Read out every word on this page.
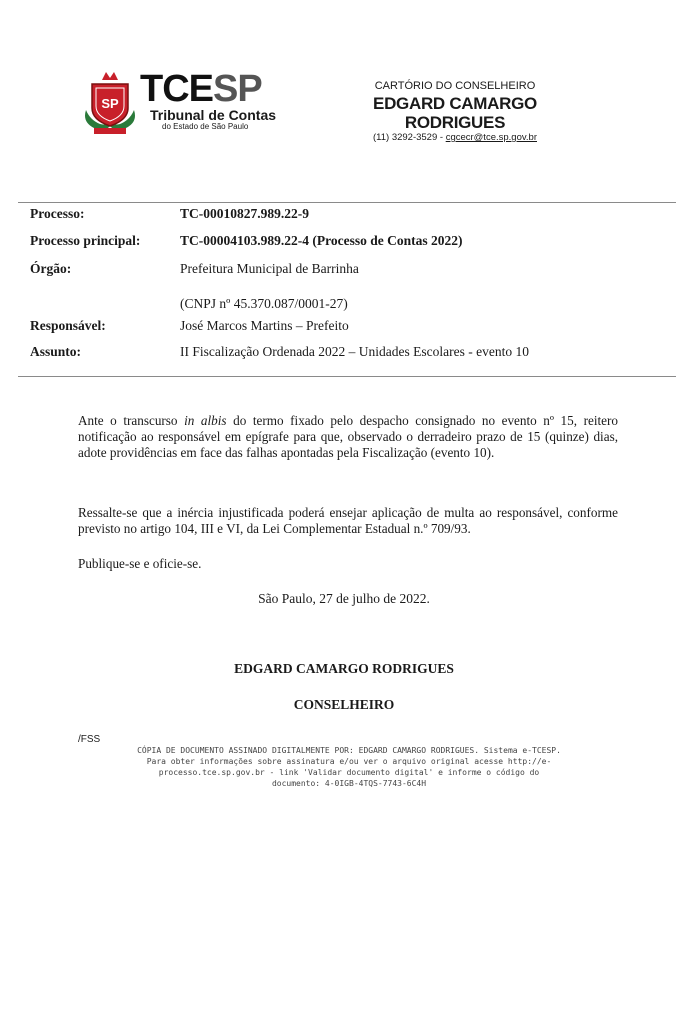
SP TCESP
Tribunal de Contas
do Estado de São Paulo
CARTÓRIO DO CONSELHEIRO
EDGARD CAMARGO RODRIGUES
(11) 3292-3529 - cgcecr@tce.sp.gov.br
Processo:	TC-00010827.989.22-9
Processo principal:	TC-00004103.989.22-4 (Processo de Contas 2022)
Órgão:	Prefeitura Municipal de Barrinha
(CNPJ nº 45.370.087/0001-27)
Responsável:	José Marcos Martins – Prefeito
Assunto:	II Fiscalização Ordenada 2022 – Unidades Escolares - evento 10

Ante o transcurso in albis do termo fixado pelo despacho consignado no evento nº 15, reitero notificação ao responsável em epígrafe para que, observado o derradeiro prazo de 15 (quinze) dias, adote providências em face das falhas apontadas pela Fiscalização (evento 10).

Ressalte-se que a inércia injustificada poderá ensejar aplicação de multa ao responsável, conforme previsto no artigo 104, III e VI, da Lei Complementar Estadual n.º 709/93.

Publique-se e oficie-se.

São Paulo, 27 de julho de 2022.
EDGARD CAMARGO RODRIGUES
CONSELHEIRO
/FSS
CÓPIA DE DOCUMENTO ASSINADO DIGITALMENTE POR: EDGARD CAMARGO RODRIGUES. Sistema e-TCESP.
Para obter informações sobre assinatura e/ou ver o arquivo original acesse http://e-
processo.tce.sp.gov.br - link 'Validar documento digital' e informe o código do
documento: 4-0IGB-4TQS-7743-6C4H
